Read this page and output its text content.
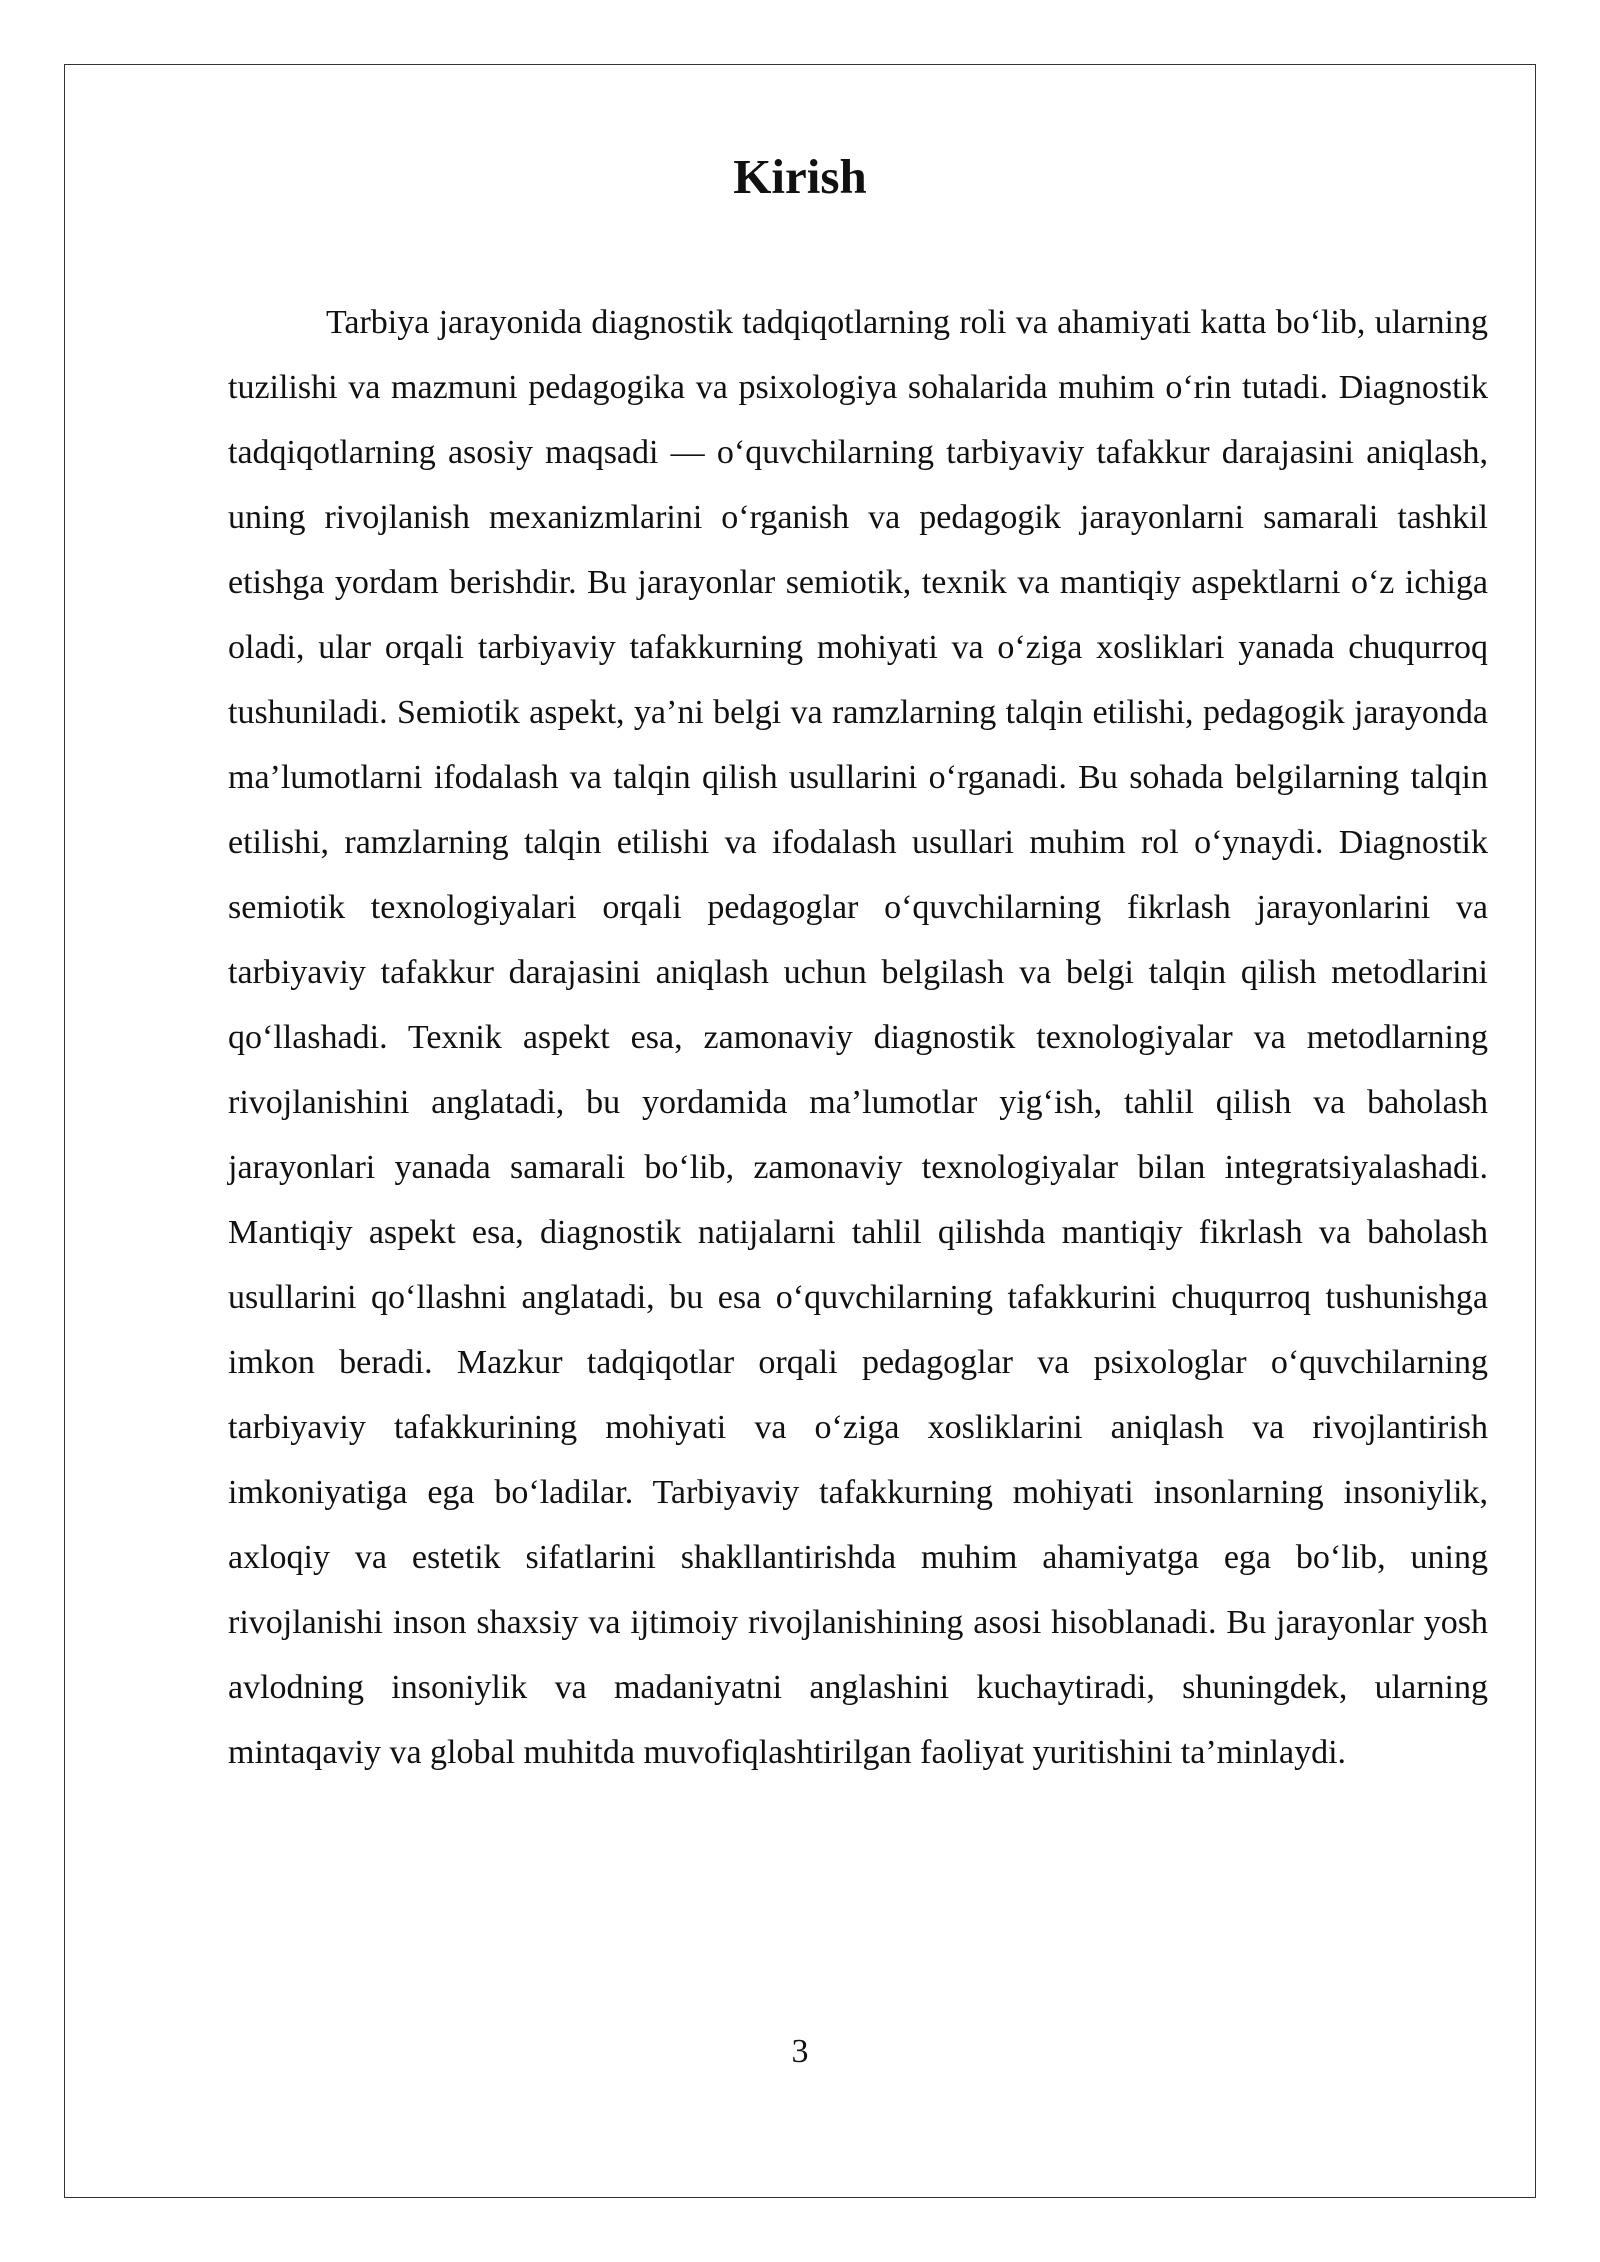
Kirish

Tarbiya jarayonida diagnostik tadqiqotlarning roli va ahamiyati katta bo‘lib, ularning tuzilishi va mazmuni pedagogika va psixologiya sohalarida muhim o‘rin tutadi. Diagnostik tadqiqotlarning asosiy maqsadi — o‘quvchilarning tarbiyaviy tafakkur darajasini aniqlash, uning rivojlanish mexanizmlarini o‘rganish va pedagogik jarayonlarni samarali tashkil etishga yordam berishdir. Bu jarayonlar semiotik, texnik va mantiqiy aspektlarni o‘z ichiga oladi, ular orqali tarbiyaviy tafakkurning mohiyati va o‘ziga xosliklari yanada chuqurroq tushuniladi. Semiotik aspekt, ya’ni belgi va ramzlarning talqin etilishi, pedagogik jarayonda ma’lumotlarni ifodalash va talqin qilish usullarini o‘rganadi. Bu sohada belgilarning talqin etilishi, ramzlarning talqin etilishi va ifodalash usullari muhim rol o‘ynaydi. Diagnostik semiotik texnologiyalari orqali pedagoglar o‘quvchilarning fikrlash jarayonlarini va tarbiyaviy tafakkur darajasini aniqlash uchun belgilash va belgi talqin qilish metodlarini qo‘llashadi. Texnik aspekt esa, zamonaviy diagnostik texnologiyalar va metodlarning rivojlanishini anglatadi, bu yordamida ma’lumotlar yig‘ish, tahlil qilish va baholash jarayonlari yanada samarali bo‘lib, zamonaviy texnologiyalar bilan integratsiyalashadi. Mantiqiy aspekt esa, diagnostik natijalarni tahlil qilishda mantiqiy fikrlash va baholash usullarini qo‘llashni anglatadi, bu esa o‘quvchilarning tafakkurini chuqurroq tushunishga imkon beradi. Mazkur tadqiqotlar orqali pedagoglar va psixologlar o‘quvchilarning tarbiyaviy tafakkurining mohiyati va o‘ziga xosliklarini aniqlash va rivojlantirish imkoniyatiga ega bo‘ladilar. Tarbiyaviy tafakkurning mohiyati insonlarning insoniylik, axloqiy va estetik sifatlarini shakllantirishda muhim ahamiyatga ega bo‘lib, uning rivojlanishi inson shaxsiy va ijtimoiy rivojlanishining asosi hisoblanadi. Bu jarayonlar yosh avlodning insoniylik va madaniyatni anglashini kuchaytiradi, shuningdek, ularning mintaqaviy va global muhitda muvofiqlashtirilgan faoliyat yuritishini ta’minlaydi.

3
